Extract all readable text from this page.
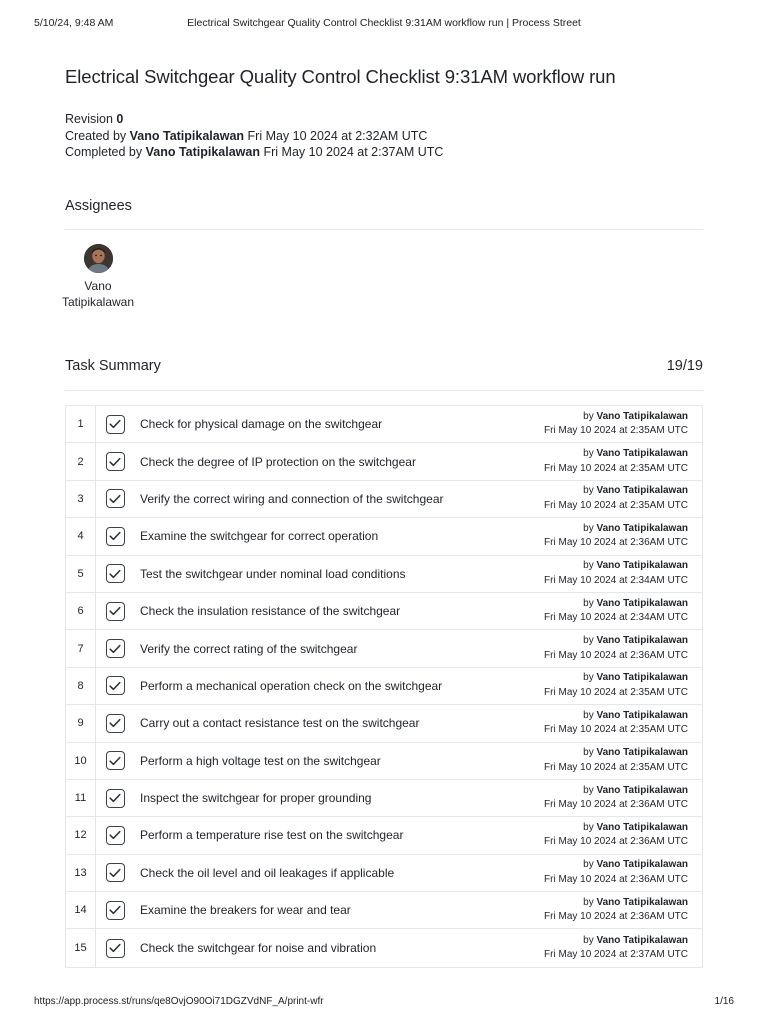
5/10/24, 9:48 AM	Electrical Switchgear Quality Control Checklist 9:31AM workflow run | Process Street
Electrical Switchgear Quality Control Checklist 9:31AM workflow run
Revision 0
Created by Vano Tatipikalawan Fri May 10 2024 at 2:32AM UTC
Completed by Vano Tatipikalawan Fri May 10 2024 at 2:37AM UTC
Assignees
Vano
Tatipikalawan
Task Summary	19/19
1	Check for physical damage on the switchgear
by Vano Tatipikalawan
Fri May 10 2024 at 2:35AM UTC
2	Check the degree of IP protection on the switchgear
by Vano Tatipikalawan
Fri May 10 2024 at 2:35AM UTC
3	Verify the correct wiring and connection of the switchgear
by Vano Tatipikalawan
Fri May 10 2024 at 2:35AM UTC
4	Examine the switchgear for correct operation
by Vano Tatipikalawan
Fri May 10 2024 at 2:36AM UTC
5	Test the switchgear under nominal load conditions
by Vano Tatipikalawan
Fri May 10 2024 at 2:34AM UTC
6	Check the insulation resistance of the switchgear
by Vano Tatipikalawan
Fri May 10 2024 at 2:34AM UTC
7	Verify the correct rating of the switchgear
by Vano Tatipikalawan
Fri May 10 2024 at 2:36AM UTC
8	Perform a mechanical operation check on the switchgear
by Vano Tatipikalawan
Fri May 10 2024 at 2:35AM UTC
9	Carry out a contact resistance test on the switchgear
by Vano Tatipikalawan
Fri May 10 2024 at 2:35AM UTC
10	Perform a high voltage test on the switchgear
by Vano Tatipikalawan
Fri May 10 2024 at 2:35AM UTC
11	Inspect the switchgear for proper grounding
by Vano Tatipikalawan
Fri May 10 2024 at 2:36AM UTC
12	Perform a temperature rise test on the switchgear
by Vano Tatipikalawan
Fri May 10 2024 at 2:36AM UTC
13	Check the oil level and oil leakages if applicable
by Vano Tatipikalawan
Fri May 10 2024 at 2:36AM UTC
14	Examine the breakers for wear and tear
by Vano Tatipikalawan
Fri May 10 2024 at 2:36AM UTC
15	Check the switchgear for noise and vibration
by Vano Tatipikalawan
Fri May 10 2024 at 2:37AM UTC
https://app.process.st/runs/qe8OvjO90Oi71DGZVdNF_A/print-wfr	1/16
